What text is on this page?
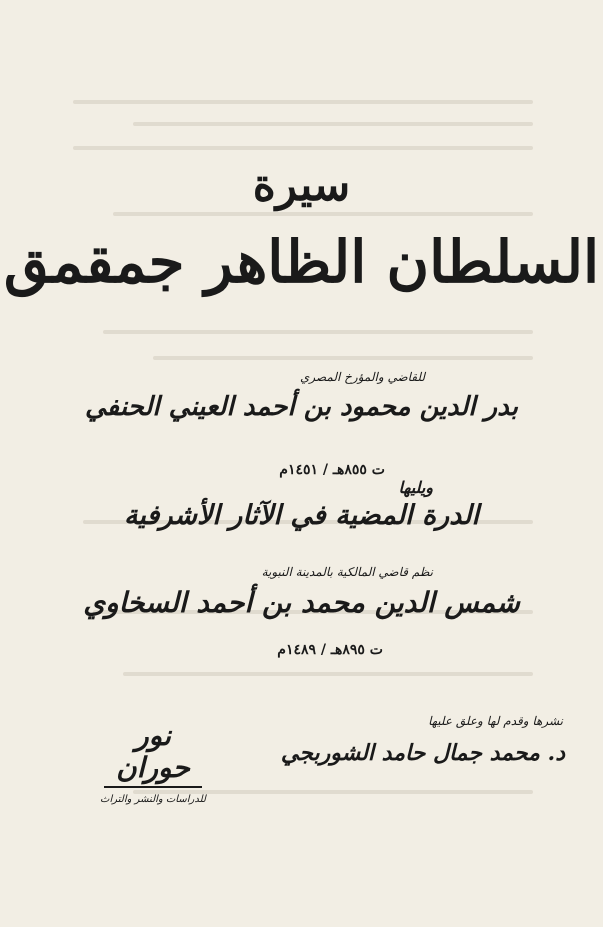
سيرة
السلطان الظاهر جمقمق
للقاضي والمؤرخ المصري
بدر الدين محمود بن أحمد العيني الحنفي
ت ٨٥٥هـ / ١٤٥١م
ويليها
الدرة المضية في الآثار الأشرفية
نظم قاضي المالكية بالمدينة النبوية
شمس الدين محمد بن أحمد السخاوي
ت ٨٩٥هـ / ١٤٨٩م
نشرها وقدم لها وعلق عليها
د. محمد جمال حامد الشوربجي
نور حوران
للدراسات والنشر والتراث
